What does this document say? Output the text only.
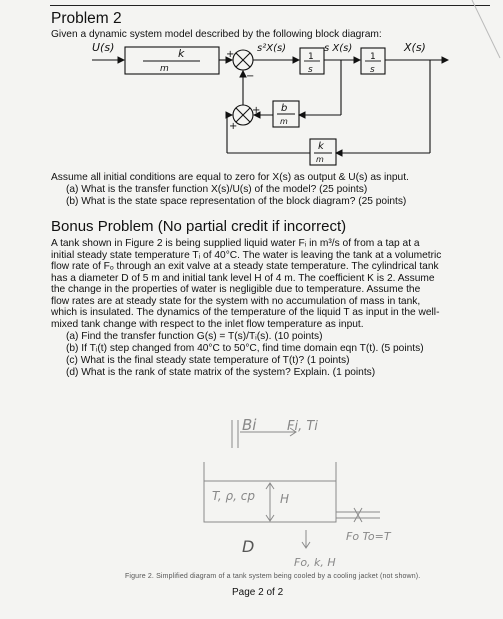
Problem 2
Given a dynamic system model described by the following block diagram:
U(s)	k
m
+
−
s²X(s)
1
s
s X(s)
1
s
X(s)
b
m
k
m
+
+
Assume all initial conditions are equal to zero for X(s) as output & U(s) as input.
(a) What is the transfer function X(s)/U(s) of the model? (25 points)
(b) What is the state space representation of the block diagram? (25 points)
Bonus Problem (No partial credit if incorrect)

A tank shown in Figure 2 is being supplied liquid water Fᵢ in m³/s of from a tap at a

initial steady state temperature Tᵢ of 40°C. The water is leaving the tank at a volumetric

flow rate of Fₒ through an exit valve at a steady state temperature. The cylindrical tank

has a diameter D of 5 m and initial tank level H of 4 m. The coefficient K is 2. Assume

the change in the properties of water is negligible due to temperature. Assume the

flow rates are at steady state for the system with no accumulation of mass in tank,

which is insulated. The dynamics of the temperature of the liquid T as input in the well-

mixed tank change with respect to the inlet flow temperature as input.

(a) Find the transfer function G(s) = T(s)/Tᵢ(s). (10 points)
(b) If Tᵢ(t) step changed from 40°C to 50°C, find time domain eqn T(t). (5 points)
(c) What is the final steady state temperature of T(t)? (1 points)
(d) What is the rank of state matrix of the system? Explain. (1 points)
Bi Fi, Ti
T, ρ, cp H
D
Fo To=T
Fo, k, H
Figure 2. Simplified diagram of a tank system being cooled by a cooling jacket (not shown).
Page 2 of 2
